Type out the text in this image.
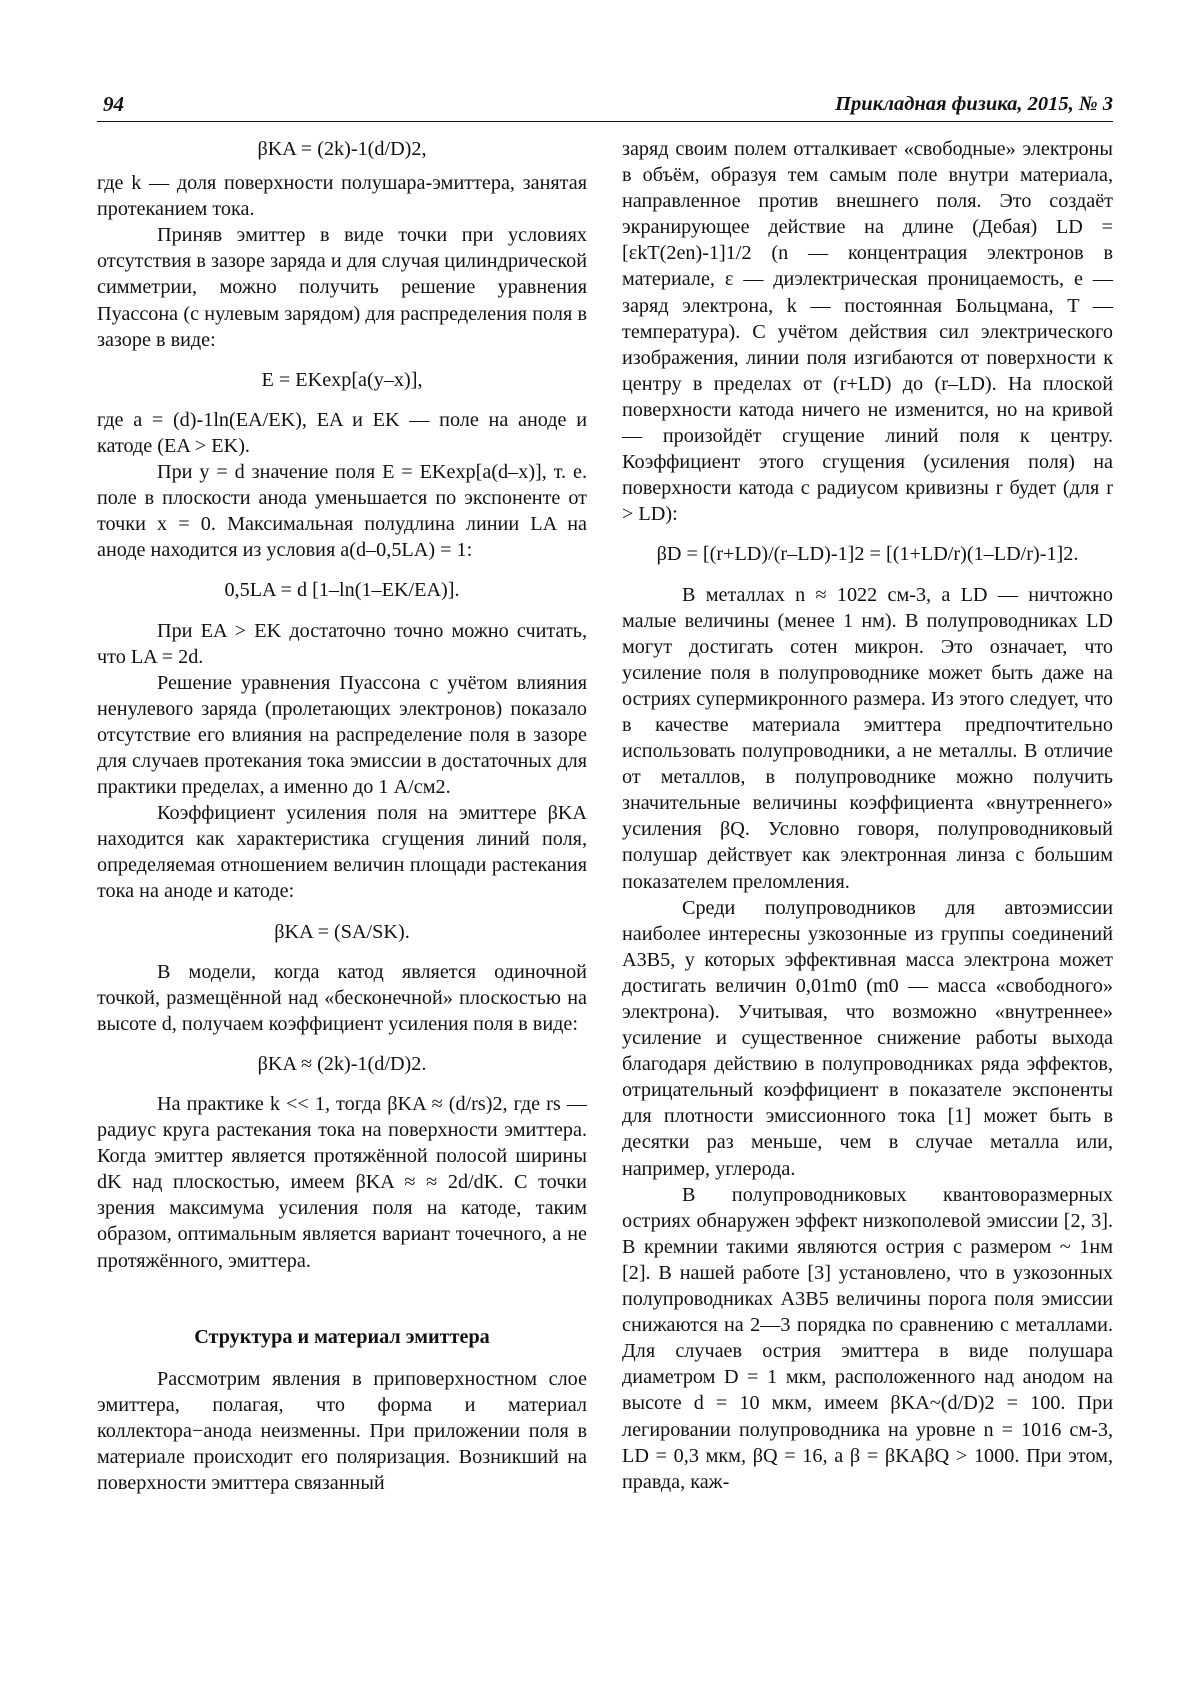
94	Прикладная физика, 2015, № 3

βKA = (2k)-1(d/D)2,

где k — доля поверхности полушара-эмиттера, занятая протеканием тока.

Приняв эмиттер в виде точки при условиях отсутствия в зазоре заряда и для случая цилиндрической симметрии, можно получить решение уравнения Пуассона (с нулевым зарядом) для распределения поля в зазоре в виде:

E = EKexp[a(y–x)],

где a = (d)-1ln(EA/EK), EA и EK — поле на аноде и катоде (EA > EK).

При y = d значение поля E = EKexp[a(d–x)], т. е. поле в плоскости анода уменьшается по экспоненте от точки x = 0. Максимальная полудлина линии LA на аноде находится из условия a(d–0,5LA) = 1:

0,5LA = d [1–ln(1–EK/EA)].

При EA > EK достаточно точно можно считать, что LA = 2d.

Решение уравнения Пуассона с учётом влияния ненулевого заряда (пролетающих электронов) показало отсутствие его влияния на распределение поля в зазоре для случаев протекания тока эмиссии в достаточных для практики пределах, а именно до 1 А/см2.

Коэффициент усиления поля на эмиттере βKA находится как характеристика сгущения линий поля, определяемая отношением величин площади растекания тока на аноде и катоде:

βKA = (SA/SK).

В модели, когда катод является одиночной точкой, размещённой над «бесконечной» плоскостью на высоте d, получаем коэффициент усиления поля в виде:

βKA ≈ (2k)-1(d/D)2.

На практике k << 1, тогда βKA ≈ (d/rs)2, где rs — радиус круга растекания тока на поверхности эмиттера. Когда эмиттер является протяжённой полосой ширины dK над плоскостью, имеем βKA ≈ ≈ 2d/dK. С точки зрения максимума усиления поля на катоде, таким образом, оптимальным является вариант точечного, а не протяжённого, эмиттера.

Структура и материал эмиттера

Рассмотрим явления в приповерхностном слое эмиттера, полагая, что форма и материал коллектора−анода неизменны. При приложении поля в материале происходит его поляризация. Возникший на поверхности эмиттера связанный

заряд своим полем отталкивает «свободные» электроны в объём, образуя тем самым поле внутри материала, направленное против внешнего поля. Это создаёт экранирующее действие на длине (Дебая) LD = [εkT(2en)-1]1/2 (n — концентрация электронов в материале, ε — диэлектрическая проницаемость, e — заряд электрона, k — постоянная Больцмана, T — температура). С учётом действия сил электрического изображения, линии поля изгибаются от поверхности к центру в пределах от (r+LD) до (r–LD). На плоской поверхности катода ничего не изменится, но на кривой — произойдёт сгущение линий поля к центру. Коэффициент этого сгущения (усиления поля) на поверхности катода с радиусом кривизны r будет (для r > LD):

βD = [(r+LD)/(r–LD)-1]2 = [(1+LD/r)(1–LD/r)-1]2.

В металлах n ≈ 1022 см-3, а LD — ничтожно малые величины (менее 1 нм). В полупроводниках LD могут достигать сотен микрон. Это означает, что усиление поля в полупроводнике может быть даже на остриях супермикронного размера. Из этого следует, что в качестве материала эмиттера предпочтительно использовать полупроводники, а не металлы. В отличие от металлов, в полупроводнике можно получить значительные величины коэффициента «внутреннего» усиления βQ. Условно говоря, полупроводниковый полушар действует как электронная линза с большим показателем преломления.

Среди полупроводников для автоэмиссии наиболее интересны узкозонные из группы соединений A3B5, у которых эффективная масса электрона может достигать величин 0,01m0 (m0 — масса «свободного» электрона). Учитывая, что возможно «внутреннее» усиление и существенное снижение работы выхода благодаря действию в полупроводниках ряда эффектов, отрицательный коэффициент в показателе экспоненты для плотности эмиссионного тока [1] может быть в десятки раз меньше, чем в случае металла или, например, углерода.

В полупроводниковых квантоворазмерных остриях обнаружен эффект низкополевой эмиссии [2, 3]. В кремнии такими являются острия с размером ~ 1нм [2]. В нашей работе [3] установлено, что в узкозонных полупроводниках A3B5 величины порога поля эмиссии снижаются на 2—3 порядка по сравнению с металлами. Для случаев острия эмиттера в виде полушара диаметром D = 1 мкм, расположенного над анодом на высоте d = 10 мкм, имеем βKA~(d/D)2 = 100. При легировании полупроводника на уровне n = 1016 см-3, LD = 0,3 мкм, βQ = 16, а β = βKAβQ > 1000. При этом, правда, каж-
